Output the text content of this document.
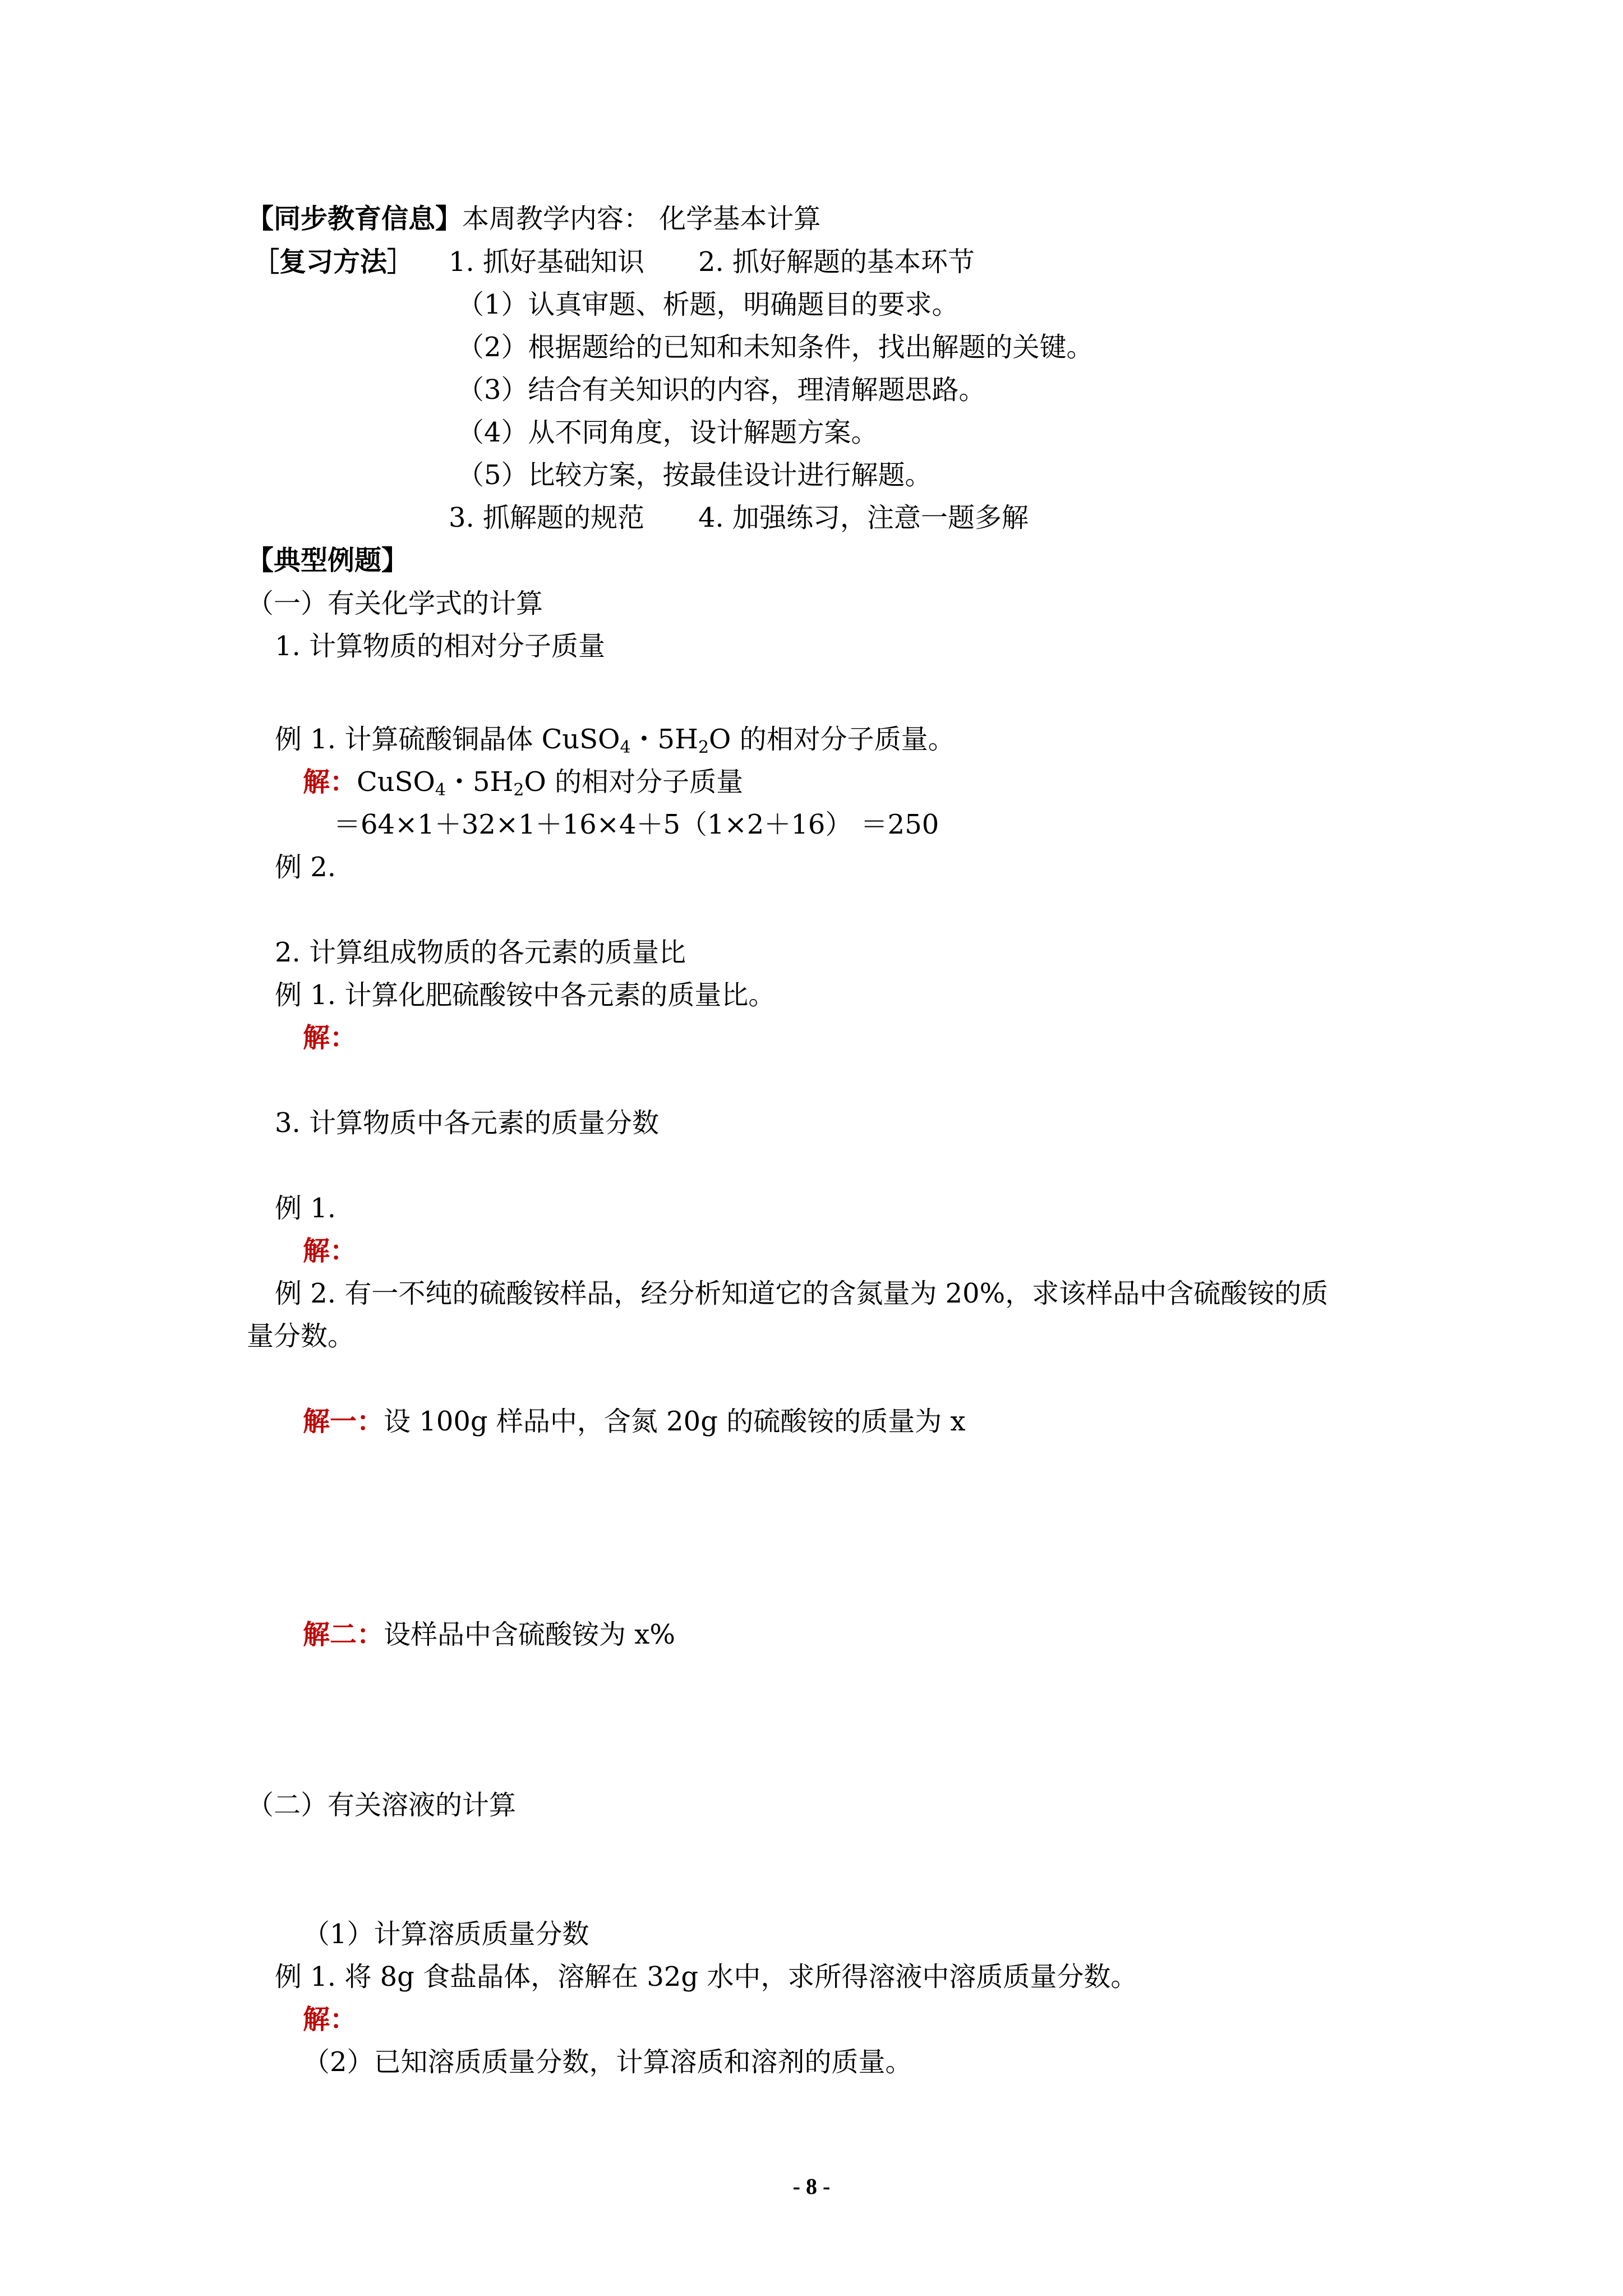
【同步教育信息】本周教学内容： 化学基本计算
［复习方法］ 1. 抓好基础知识 2. 抓好解题的基本环节
（1）认真审题、析题，明确题目的要求。
（2）根据题给的已知和未知条件，找出解题的关键。
（3）结合有关知识的内容，理清解题思路。
（4）从不同角度，设计解题方案。
（5）比较方案，按最佳设计进行解题。
3. 抓解题的规范 4. 加强练习，注意一题多解
【典型例题】
（一）有关化学式的计算
1. 计算物质的相对分子质量
例 1. 计算硫酸铜晶体 CuSO$_4$・$5H_2O$ 的相对分子质量。
解：CuSO$_4$・$5H_2O$ 的相对分子质量
＝64×1＋32×1＋16×4＋5（1×2＋16） ＝250
例 2.
2. 计算组成物质的各元素的质量比
例 1. 计算化肥硫酸铵中各元素的质量比。
解：
3. 计算物质中各元素的质量分数
例 1.
解：
例 2. 有一不纯的硫酸铵样品，经分析知道它的含氮量为 20%，求该样品中含硫酸铵的质
量分数。
解一：设 100g 样品中，含氮 20g 的硫酸铵的质量为 x
解二：设样品中含硫酸铵为 x%
（二）有关溶液的计算
（1）计算溶质质量分数
例 1. 将 8g 食盐晶体，溶解在 32g 水中，求所得溶液中溶质质量分数。
解：
（2）已知溶质质量分数，计算溶质和溶剂的质量。
- 8 -
